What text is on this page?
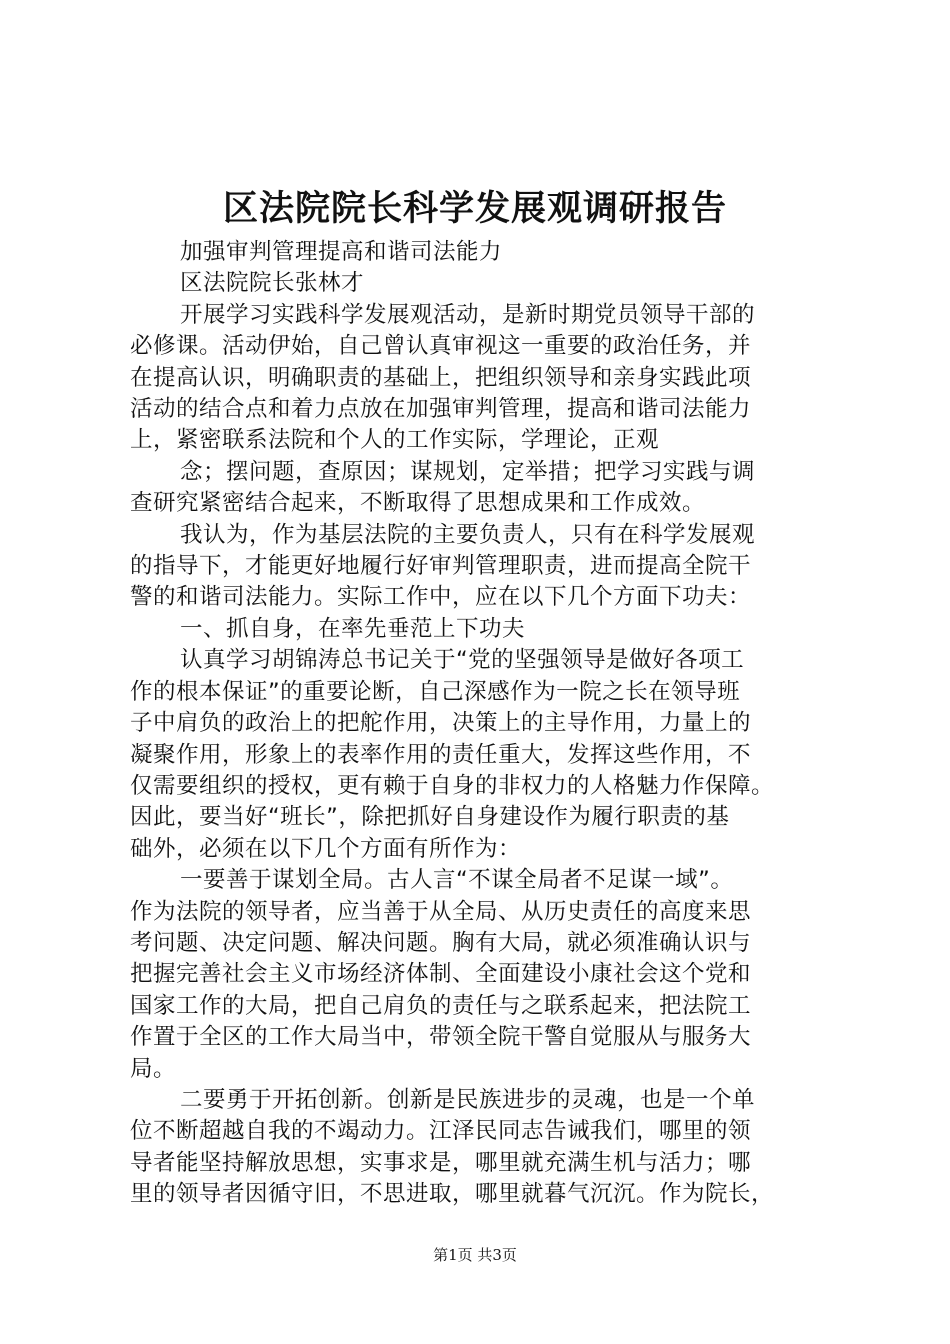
区法院院长科学发展观调研报告
加强审判管理提高和谐司法能力
区法院院长张林才
开展学习实践科学发展观活动，是新时期党员领导干部的
必修课。活动伊始，自己曾认真审视这一重要的政治任务，并
在提高认识，明确职责的基础上，把组织领导和亲身实践此项
活动的结合点和着力点放在加强审判管理，提高和谐司法能力
上，紧密联系法院和个人的工作实际，学理论，正观
念；摆问题，查原因；谋规划，定举措；把学习实践与调
查研究紧密结合起来，不断取得了思想成果和工作成效。
我认为，作为基层法院的主要负责人，只有在科学发展观
的指导下，才能更好地履行好审判管理职责，进而提高全院干
警的和谐司法能力。实际工作中，应在以下几个方面下功夫：
一、抓自身，在率先垂范上下功夫
认真学习胡锦涛总书记关于“党的坚强领导是做好各项工
作的根本保证”的重要论断，自己深感作为一院之长在领导班
子中肩负的政治上的把舵作用，决策上的主导作用，力量上的
凝聚作用，形象上的表率作用的责任重大，发挥这些作用，不
仅需要组织的授权，更有赖于自身的非权力的人格魅力作保障。
因此，要当好“班长”，除把抓好自身建设作为履行职责的基
础外，必须在以下几个方面有所作为：
一要善于谋划全局。古人言“不谋全局者不足谋一域”。
作为法院的领导者，应当善于从全局、从历史责任的高度来思
考问题、决定问题、解决问题。胸有大局，就必须准确认识与
把握完善社会主义市场经济体制、全面建设小康社会这个党和
国家工作的大局，把自己肩负的责任与之联系起来，把法院工
作置于全区的工作大局当中，带领全院干警自觉服从与服务大
局。
二要勇于开拓创新。创新是民族进步的灵魂，也是一个单
位不断超越自我的不竭动力。江泽民同志告诫我们，哪里的领
导者能坚持解放思想，实事求是，哪里就充满生机与活力；哪
里的领导者因循守旧，不思进取，哪里就暮气沉沉。作为院长，
第1页 共3页
